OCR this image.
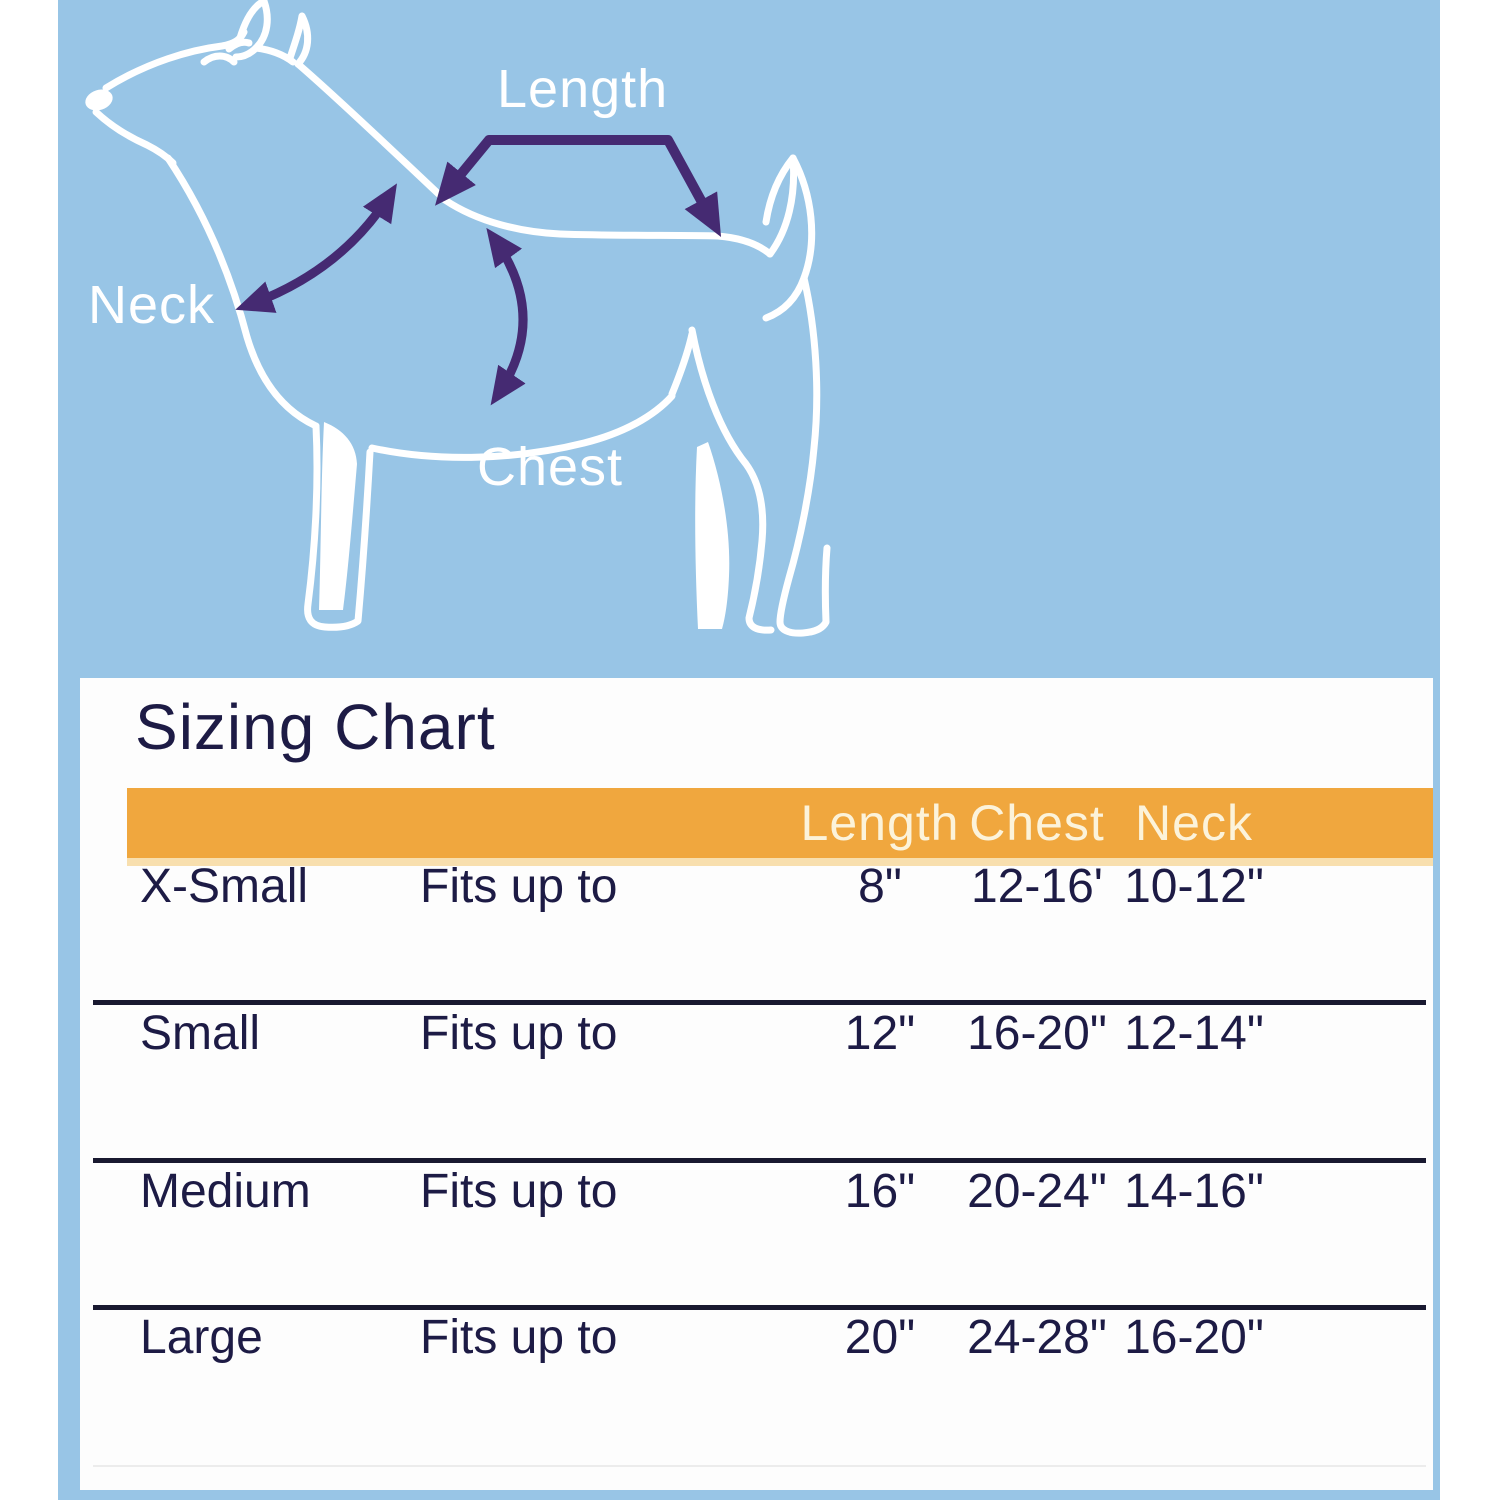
Length
Neck
Chest
Sizing Chart
Length Chest Neck
X-Small Fits up to	8" 12-16' 10-12"
Small	Fits up to	12" 16-20" 12-14"
Medium Fits up to	16" 20-24" 14-16"
Large	Fits up to	20" 24-28" 16-20"
